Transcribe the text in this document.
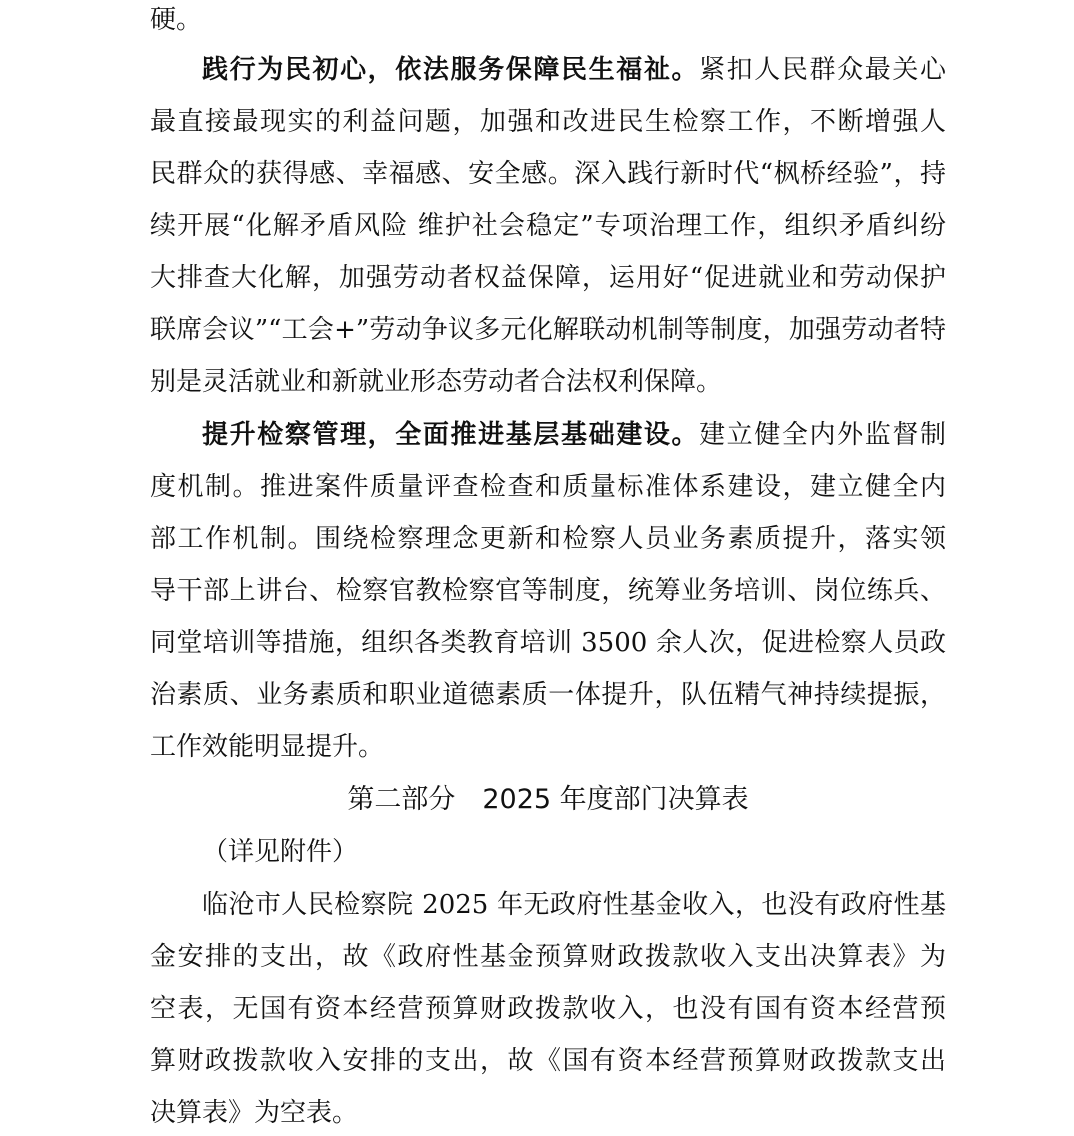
硬。
践行为民初心，依法服务保障民生福祉。紧扣人民群众最关心
最直接最现实的利益问题，加强和改进民生检察工作，不断增强人
民群众的获得感、幸福感、安全感。深入践行新时代“枫桥经验”，持
续开展“化解矛盾风险 维护社会稳定”专项治理工作，组织矛盾纠纷
大排查大化解，加强劳动者权益保障，运用好“促进就业和劳动保护
联席会议”“工会+”劳动争议多元化解联动机制等制度，加强劳动者特
别是灵活就业和新就业形态劳动者合法权利保障。
提升检察管理，全面推进基层基础建设。建立健全内外监督制
度机制。推进案件质量评查检查和质量标准体系建设，建立健全内
部工作机制。围绕检察理念更新和检察人员业务素质提升，落实领
导干部上讲台、检察官教检察官等制度，统筹业务培训、岗位练兵、
同堂培训等措施，组织各类教育培训 3500 余人次，促进检察人员政
治素质、业务素质和职业道德素质一体提升，队伍精气神持续提振，
工作效能明显提升。
第二部分　2025 年度部门决算表
（详见附件）
临沧市人民检察院 2025 年无政府性基金收入，也没有政府性基
金安排的支出，故《政府性基金预算财政拨款收入支出决算表》为
空表，无国有资本经营预算财政拨款收入，也没有国有资本经营预
算财政拨款收入安排的支出，故《国有资本经营预算财政拨款支出
决算表》为空表。
